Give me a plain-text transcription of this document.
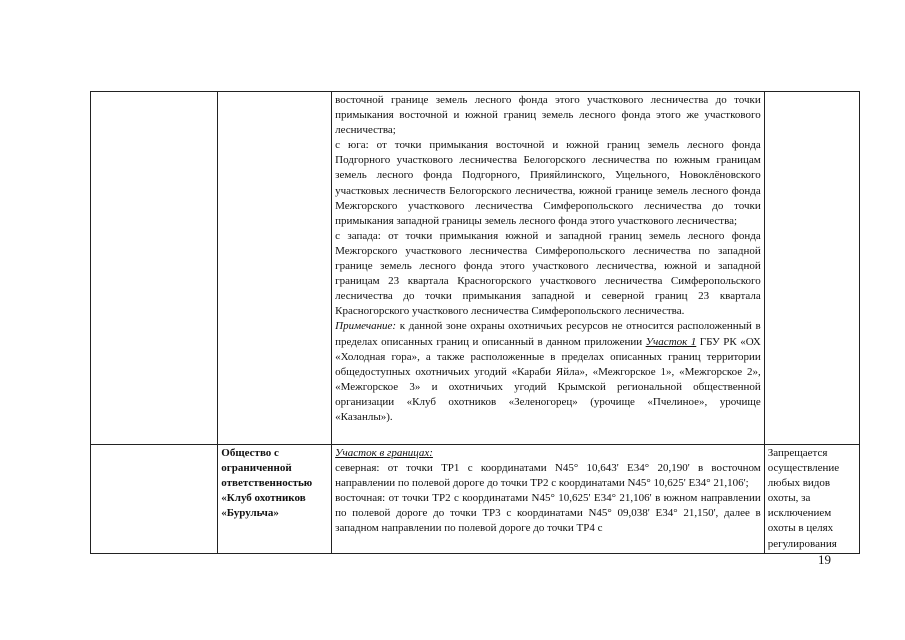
		восточной границе земель лесного фонда этого участкового лесничества до точки примыкания восточной и южной границ земель лесного фонда этого же участкового лесничества;

с юга: от точки примыкания восточной и южной границ земель лесного фонда Подгорного участкового лесничества Белогорского лесничества по южным границам земель лесного фонда Подгорного, Прияйлинского, Ущельного, Новоклёновского участковых лесничеств Белогорского лесничества, южной границе земель лесного фонда Межгорского участкового лесничества Симферопольского лесничества до точки примыкания западной границы земель лесного фонда этого участкового лесничества;

с запада: от точки примыкания южной и западной границ земель лесного фонда Межгорского участкового лесничества Симферопольского лесничества по западной границе земель лесного фонда этого участкового лесничества, южной и западной границам 23 квартала Красногорского участкового лесничества Симферопольского лесничества до точки примыкания западной и северной границ 23 квартала Красногорского участкового лесничества Симферопольского лесничества.

Примечание: к данной зоне охраны охотничьих ресурсов не относится расположенный в пределах описанных границ и описанный в данном приложении Участок 1 ГБУ РК «ОХ «Холодная гора», а также расположенные в пределах описанных границ территории общедоступных охотничьих угодий «Караби Яйла», «Межгорское 1», «Межгорское 2», «Межгорское 3» и охотничьих угодий Крымской региональной общественной организации «Клуб охотников «Зеленогорец» (урочище «Пчелиное», урочище «Казанлы»).	

	Общество с ограниченной ответственностью «Клуб охотников «Бурульча»	Участок в границах:

северная: от точки ТР1 с координатами N45° 10,643' E34° 20,190' в восточном направлении по полевой дороге до точки ТР2 с координатами N45° 10,625' E34° 21,106';

восточная: от точки ТР2 с координатами N45° 10,625' E34° 21,106' в южном направлении по полевой дороге до точки ТР3 с координатами N45° 09,038' E34° 21,150', далее в западном направлении по полевой дороге до точки ТР4 с	Запрещается осуществление любых видов охоты, за исключением охоты в целях регулирования
19
